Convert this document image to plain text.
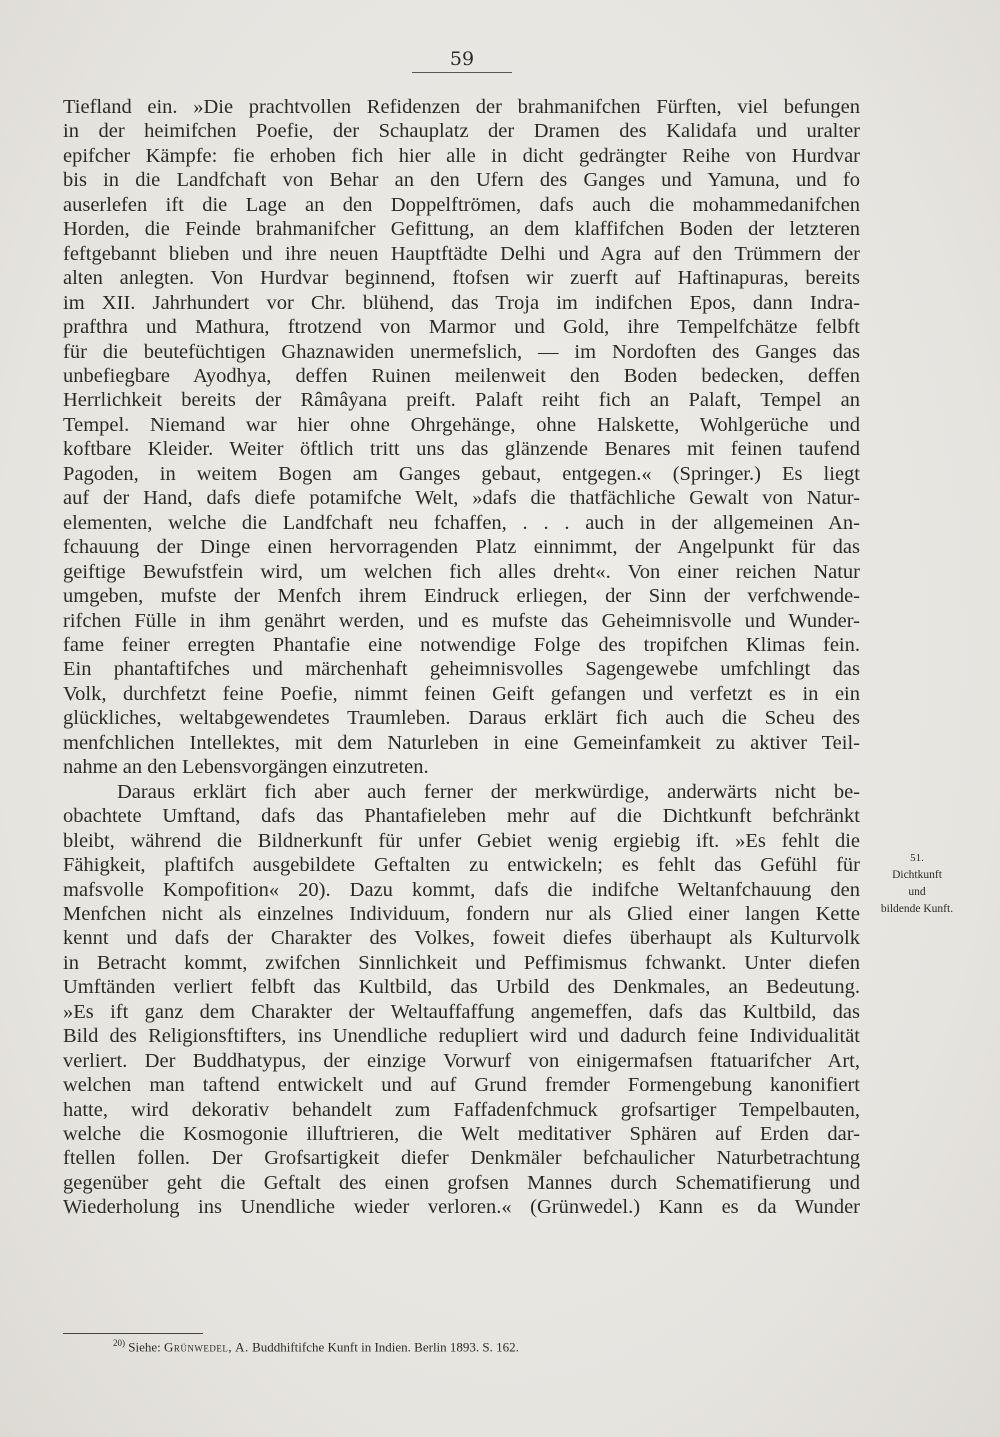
59
Tiefland ein. »Die prachtvollen Refidenzen der brahmanifchen Fürften, viel befungen
in der heimifchen Poefie, der Schauplatz der Dramen des Kalidafa und uralter
epifcher Kämpfe: fie erhoben fich hier alle in dicht gedrängter Reihe von Hurdvar
bis in die Landfchaft von Behar an den Ufern des Ganges und Yamuna, und fo
auserlefen ift die Lage an den Doppelftrömen, dafs auch die mohammedanifchen
Horden, die Feinde brahmanifcher Gefittung, an dem klaffifchen Boden der letzteren
feftgebannt blieben und ihre neuen Hauptftädte Delhi und Agra auf den Trümmern der
alten anlegten. Von Hurdvar beginnend, ftofsen wir zuerft auf Haftinapuras, bereits
im XII. Jahrhundert vor Chr. blühend, das Troja im indifchen Epos, dann Indra-
prafthra und Mathura, ftrotzend von Marmor und Gold, ihre Tempelfchätze felbft
für die beutefüchtigen Ghaznawiden unermefslich, — im Nordoften des Ganges das
unbefiegbare Ayodhya, deffen Ruinen meilenweit den Boden bedecken, deffen
Herrlichkeit bereits der Râmâyana preift. Palaft reiht fich an Palaft, Tempel an
Tempel. Niemand war hier ohne Ohrgehänge, ohne Halskette, Wohlgerüche und
koftbare Kleider. Weiter öftlich tritt uns das glänzende Benares mit feinen taufend
Pagoden, in weitem Bogen am Ganges gebaut, entgegen.« (Springer.) Es liegt
auf der Hand, dafs diefe potamifche Welt, »dafs die thatfächliche Gewalt von Natur-
elementen, welche die Landfchaft neu fchaffen, . . . auch in der allgemeinen An-
fchauung der Dinge einen hervorragenden Platz einnimmt, der Angelpunkt für das
geiftige Bewufstfein wird, um welchen fich alles dreht«. Von einer reichen Natur
umgeben, mufste der Menfch ihrem Eindruck erliegen, der Sinn der verfchwende-
rifchen Fülle in ihm genährt werden, und es mufste das Geheimnisvolle und Wunder-
fame feiner erregten Phantafie eine notwendige Folge des tropifchen Klimas fein.
Ein phantaftifches und märchenhaft geheimnisvolles Sagengewebe umfchlingt das
Volk, durchfetzt feine Poefie, nimmt feinen Geift gefangen und verfetzt es in ein
glückliches, weltabgewendetes Traumleben. Daraus erklärt fich auch die Scheu des
menfchlichen Intellektes, mit dem Naturleben in eine Gemeinfamkeit zu aktiver Teil-
nahme an den Lebensvorgängen einzutreten.
Daraus erklärt fich aber auch ferner der merkwürdige, anderwärts nicht be-
obachtete Umftand, dafs das Phantafieleben mehr auf die Dichtkunft befchränkt
bleibt, während die Bildnerkunft für unfer Gebiet wenig ergiebig ift. »Es fehlt die
Fähigkeit, plaftifch ausgebildete Geftalten zu entwickeln; es fehlt das Gefühl für
mafsvolle Kompofition« 20). Dazu kommt, dafs die indifche Weltanfchauung den
Menfchen nicht als einzelnes Individuum, fondern nur als Glied einer langen Kette
kennt und dafs der Charakter des Volkes, foweit diefes überhaupt als Kulturvolk
in Betracht kommt, zwifchen Sinnlichkeit und Peffimismus fchwankt. Unter diefen
Umftänden verliert felbft das Kultbild, das Urbild des Denkmales, an Bedeutung.
»Es ift ganz dem Charakter der Weltauffaffung angemeffen, dafs das Kultbild, das
Bild des Religionsftifters, ins Unendliche redupliert wird und dadurch feine Individualität
verliert. Der Buddhatypus, der einzige Vorwurf von einigermafsen ftatuarifcher Art,
welchen man taftend entwickelt und auf Grund fremder Formengebung kanonifiert
hatte, wird dekorativ behandelt zum Faffadenfchmuck grofsartiger Tempelbauten,
welche die Kosmogonie illuftrieren, die Welt meditativer Sphären auf Erden dar-
ftellen follen. Der Grofsartigkeit diefer Denkmäler befchaulicher Naturbetrachtung
gegenüber geht die Geftalt des einen grofsen Mannes durch Schematifierung und
Wiederholung ins Unendliche wieder verloren.« (Grünwedel.) Kann es da Wunder
51.
Dichtkunft
und
bildende Kunft.
$^{20)}$ Siehe: Grünwedel, A. Buddhiftifche Kunft in Indien. Berlin 1893. S. 162.
